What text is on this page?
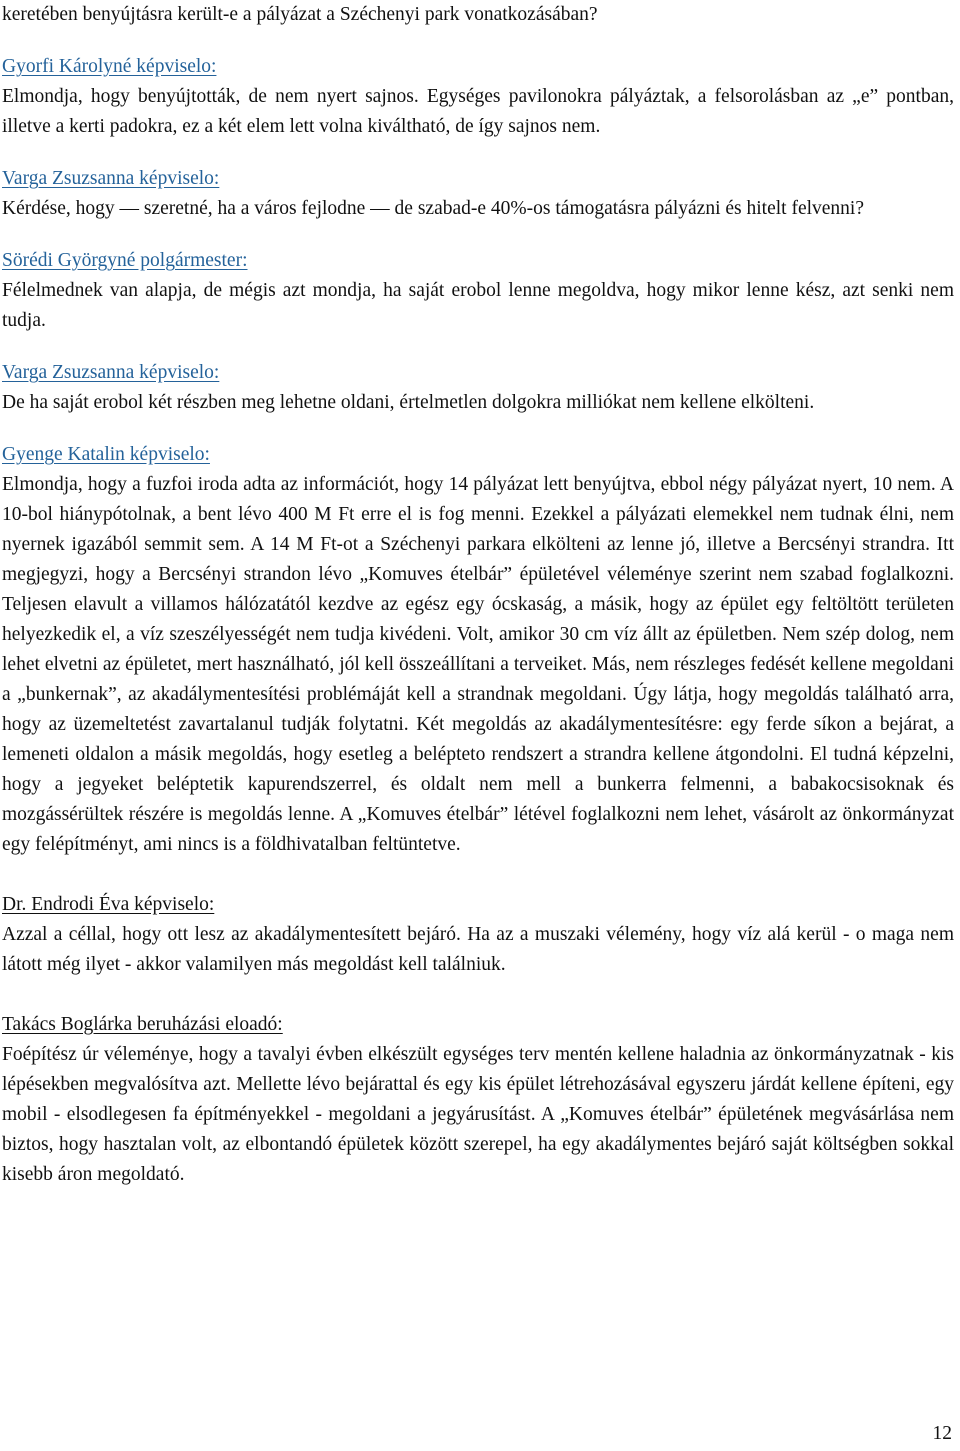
keretében benyújtásra került-e a pályázat a Széchenyi park vonatkozásában?

Gyorfi Károlyné képviselo:

Elmondja, hogy benyújtották, de nem nyert sajnos. Egységes pavilonokra pályáztak, a felsorolásban az „e” pontban, illetve a kerti padokra, ez a két elem lett volna kiváltható, de így sajnos nem.

Varga Zsuzsanna képviselo:

Kérdése, hogy — szeretné, ha a város fejlodne — de szabad-e 40%-os támogatásra pályázni és hitelt felvenni?

Sörédi Györgyné polgármester:

Félelmednek van alapja, de mégis azt mondja, ha saját erobol lenne megoldva, hogy mikor lenne kész, azt senki nem tudja.

Varga Zsuzsanna képviselo:

De ha saját erobol két részben meg lehetne oldani, értelmetlen dolgokra milliókat nem kellene elkölteni.

Gyenge Katalin képviselo:

Elmondja, hogy a fuzfoi iroda adta az információt, hogy 14 pályázat lett benyújtva, ebbol négy pályázat nyert, 10 nem. A 10-bol hiánypótolnak, a bent lévo 400 M Ft erre el is fog menni. Ezekkel a pályázati elemekkel nem tudnak élni, nem nyernek igazából semmit sem. A 14 M Ft-ot a Széchenyi parkara elkölteni az lenne jó, illetve a Bercsényi strandra. Itt megjegyzi, hogy a Bercsényi strandon lévo „Komuves ételbár” épületével véleménye szerint nem szabad foglalkozni. Teljesen elavult a villamos hálózatától kezdve az egész egy ócskaság, a másik, hogy az épület egy feltöltött területen helyezkedik el, a víz szeszélyességét nem tudja kivédeni. Volt, amikor 30 cm víz állt az épületben. Nem szép dolog, nem lehet elvetni az épületet, mert használható, jól kell összeállítani a terveiket. Más, nem részleges fedését kellene megoldani a „bunkernak”, az akadálymentesítési problémáját kell a strandnak megoldani. Úgy látja, hogy megoldás található arra, hogy az üzemeltetést zavartalanul tudják folytatni. Két megoldás az akadálymentesítésre: egy ferde síkon a bejárat, a lemeneti oldalon a másik megoldás, hogy esetleg a belépteto rendszert a strandra kellene átgondolni. El tudná képzelni, hogy a jegyeket beléptetik kapurendszerrel, és oldalt nem mell a bunkerra felmenni, a babakocsisoknak és mozgássérültek részére is megoldás lenne. A „Komuves ételbár” létével foglalkozni nem lehet, vásárolt az önkormányzat egy felépítményt, ami nincs is a földhivatalban feltüntetve.

Dr. Endrodi Éva képviselo:

Azzal a céllal, hogy ott lesz az akadálymentesített bejáró. Ha az a muszaki vélemény, hogy víz alá kerül - o maga nem látott még ilyet - akkor valamilyen más megoldást kell találniuk.

Takács Boglárka beruházási eloadó:

Foépítész úr véleménye, hogy a tavalyi évben elkészült egységes terv mentén kellene haladnia az önkormányzatnak - kis lépésekben megvalósítva azt. Mellette lévo bejárattal és egy kis épület létrehozásával egyszeru járdát kellene építeni, egy mobil - elsodlegesen fa építményekkel - megoldani a jegyárusítást. A „Komuves ételbár” épületének megvásárlása nem biztos, hogy hasztalan volt, az elbontandó épületek között szerepel, ha egy akadálymentes bejáró saját költségben sokkal kisebb áron megoldató.

12
